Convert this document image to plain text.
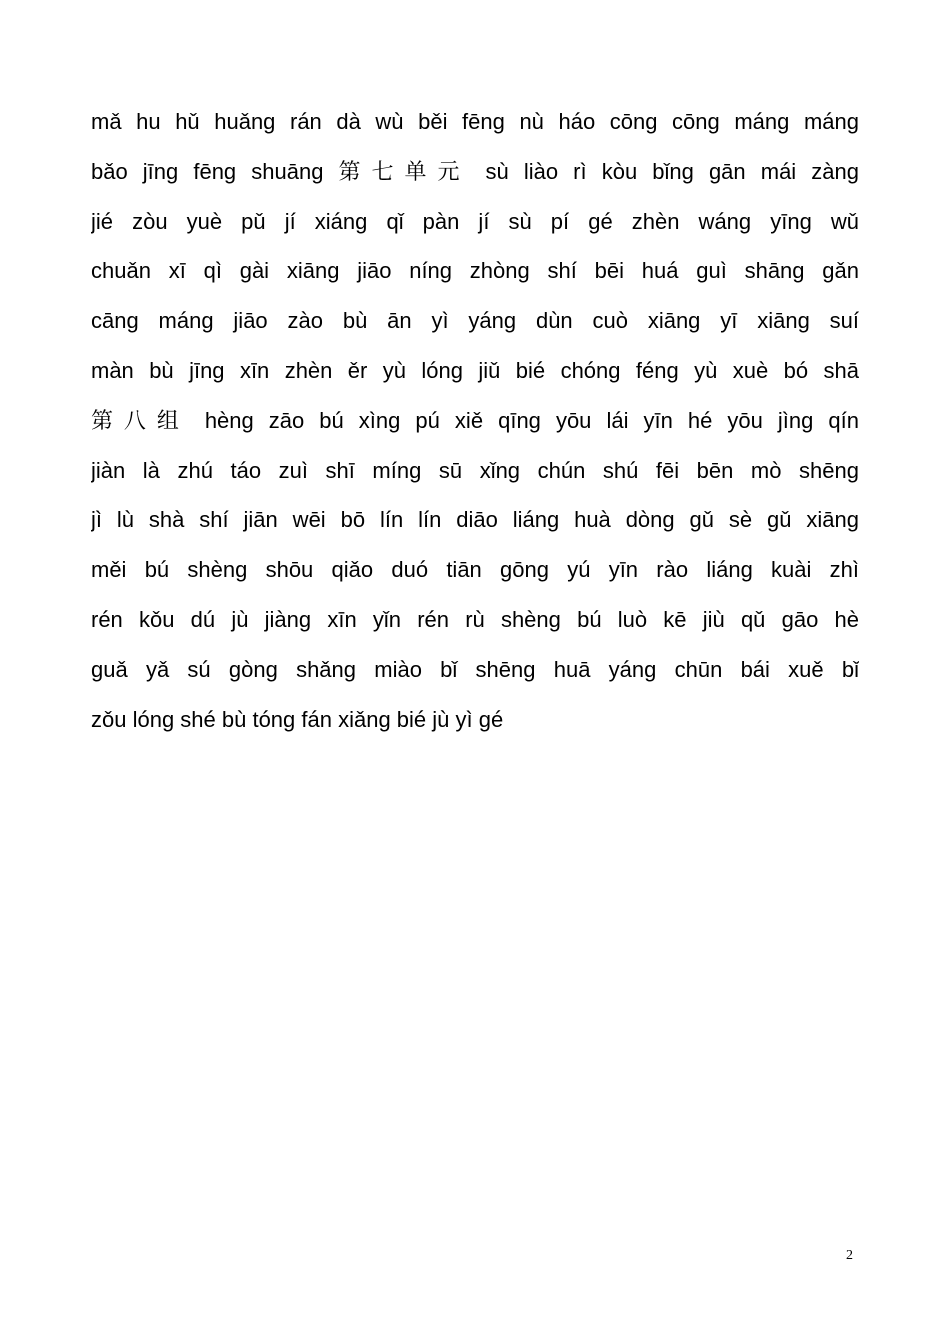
mǎ hu hǔ huǎng rán dà wù běi fēng nù háo cōng cōng máng máng
bǎo jīng fēng shuāng 第七单元 sù liào rì kòu bǐng gān mái zàng
jié zòu yuè pǔ jí xiáng qǐ pàn jí sù pí gé zhèn wáng yīng wǔ
chuǎn xī qì gài xiāng jiāo níng zhòng shí bēi huá guì shāng gǎn
cāng máng jiāo zào bù ān yì yáng dùn cuò xiāng yī xiāng suí
màn bù jīng xīn zhèn ěr yù lóng jiǔ bié chóng féng yù xuè bó shā
第八组 hèng zāo bú xìng pú xiě qīng yōu lái yīn hé yōu jìng qín
jiàn là zhú táo zuì shī míng sū xǐng chún shú fēi bēn mò shēng
jì lù shà shí jiān wēi bō lín lín diāo liáng huà dòng gǔ sè gǔ xiāng
měi bú shèng shōu qiǎo duó tiān gōng yú yīn rào liáng kuài zhì
rén kǒu dú jù jiàng xīn yǐn rén rù shèng bú luò kē jiù qǔ gāo hè
guǎ yǎ sú gòng shǎng miào bǐ shēng huā yáng chūn bái xuě bǐ
zǒu lóng shé bù tóng fán xiǎng bié jù yì gé
2
